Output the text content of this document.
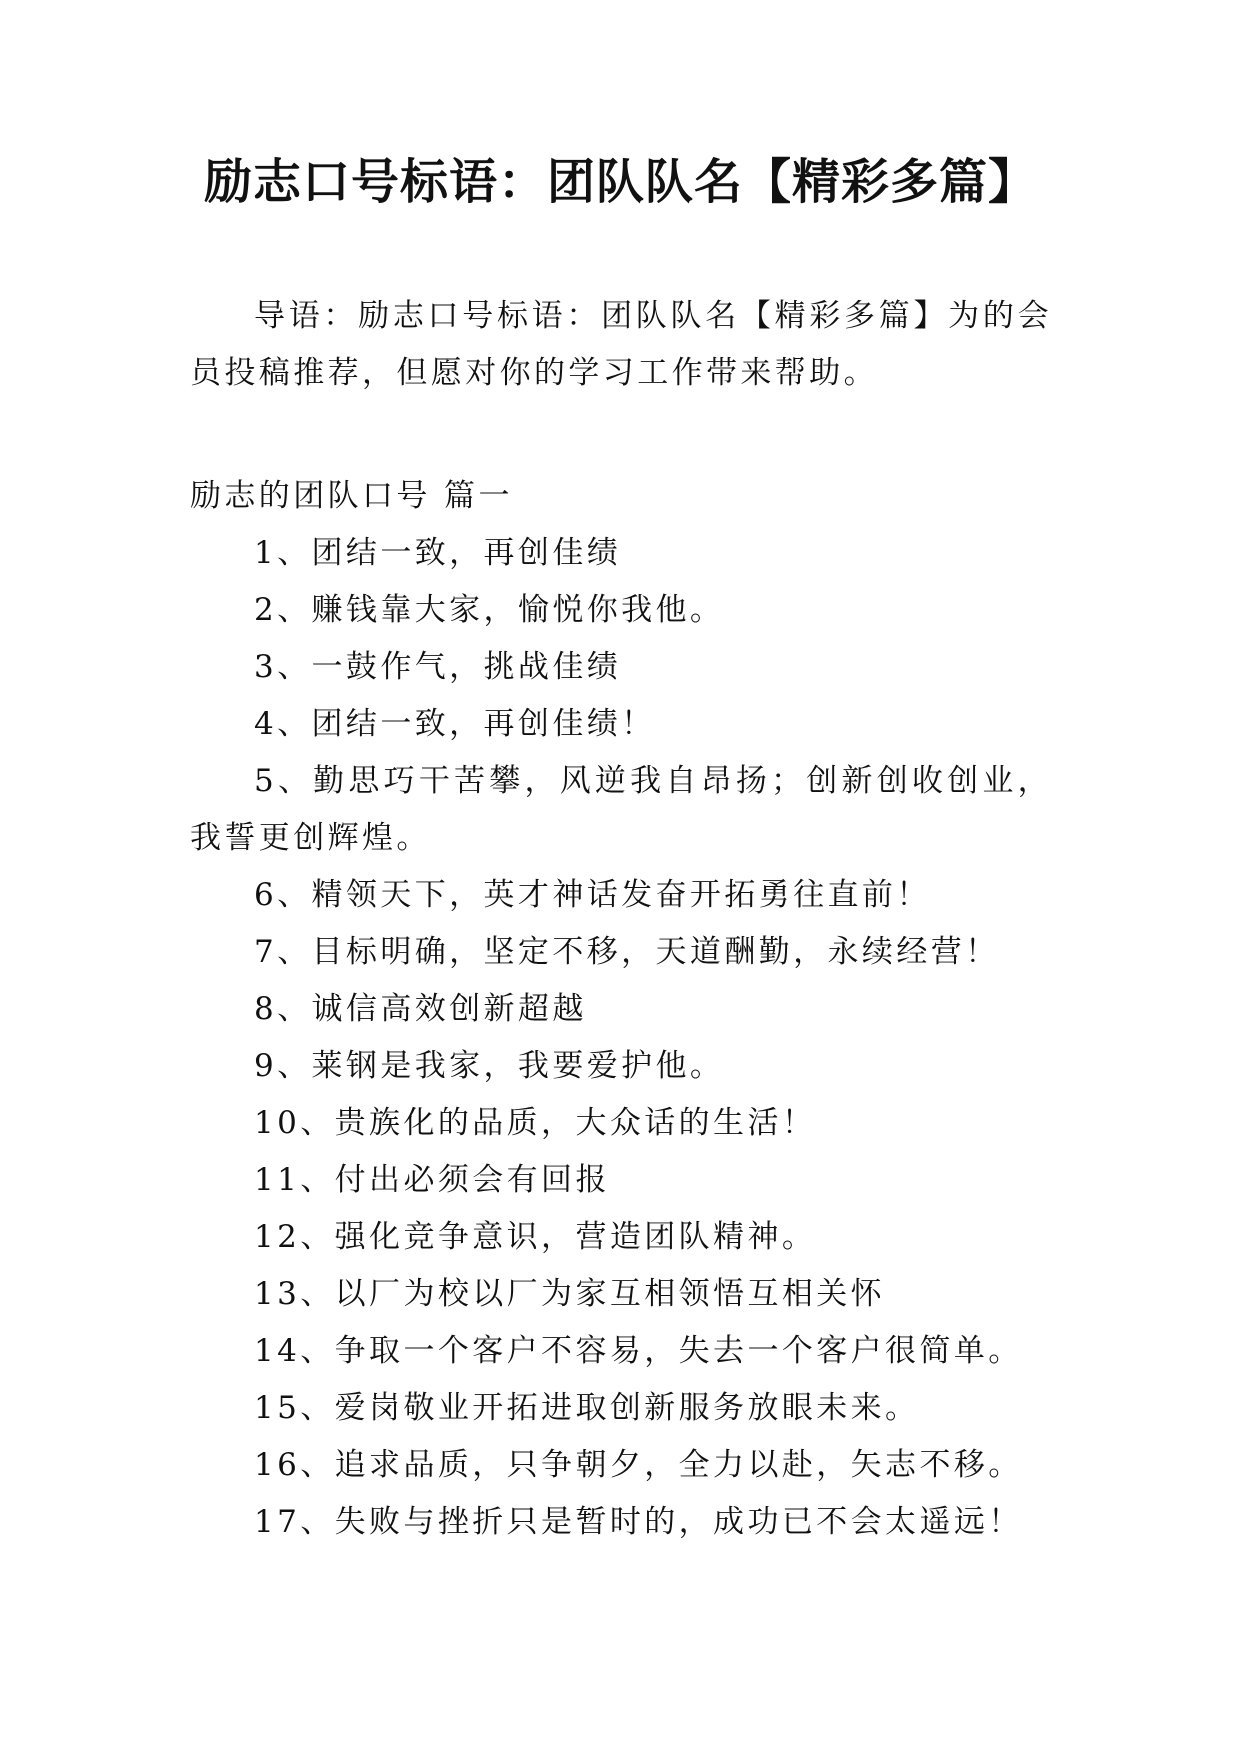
励志口号标语：团队队名【精彩多篇】

导语：励志口号标语：团队队名【精彩多篇】为的会员投稿推荐，但愿对你的学习工作带来帮助。

励志的团队口号 篇一

1、团结一致，再创佳绩

2、赚钱靠大家，愉悦你我他。

3、一鼓作气，挑战佳绩

4、团结一致，再创佳绩！

5、勤思巧干苦攀，风逆我自昂扬；创新创收创业，我誓更创辉煌。

6、精领天下，英才神话发奋开拓勇往直前！

7、目标明确，坚定不移，天道酬勤，永续经营！

8、诚信高效创新超越

9、莱钢是我家，我要爱护他。

10、贵族化的品质，大众话的生活！

11、付出必须会有回报

12、强化竞争意识，营造团队精神。

13、以厂为校以厂为家互相领悟互相关怀

14、争取一个客户不容易，失去一个客户很简单。

15、爱岗敬业开拓进取创新服务放眼未来。

16、追求品质，只争朝夕，全力以赴，矢志不移。

17、失败与挫折只是暂时的，成功已不会太遥远！
